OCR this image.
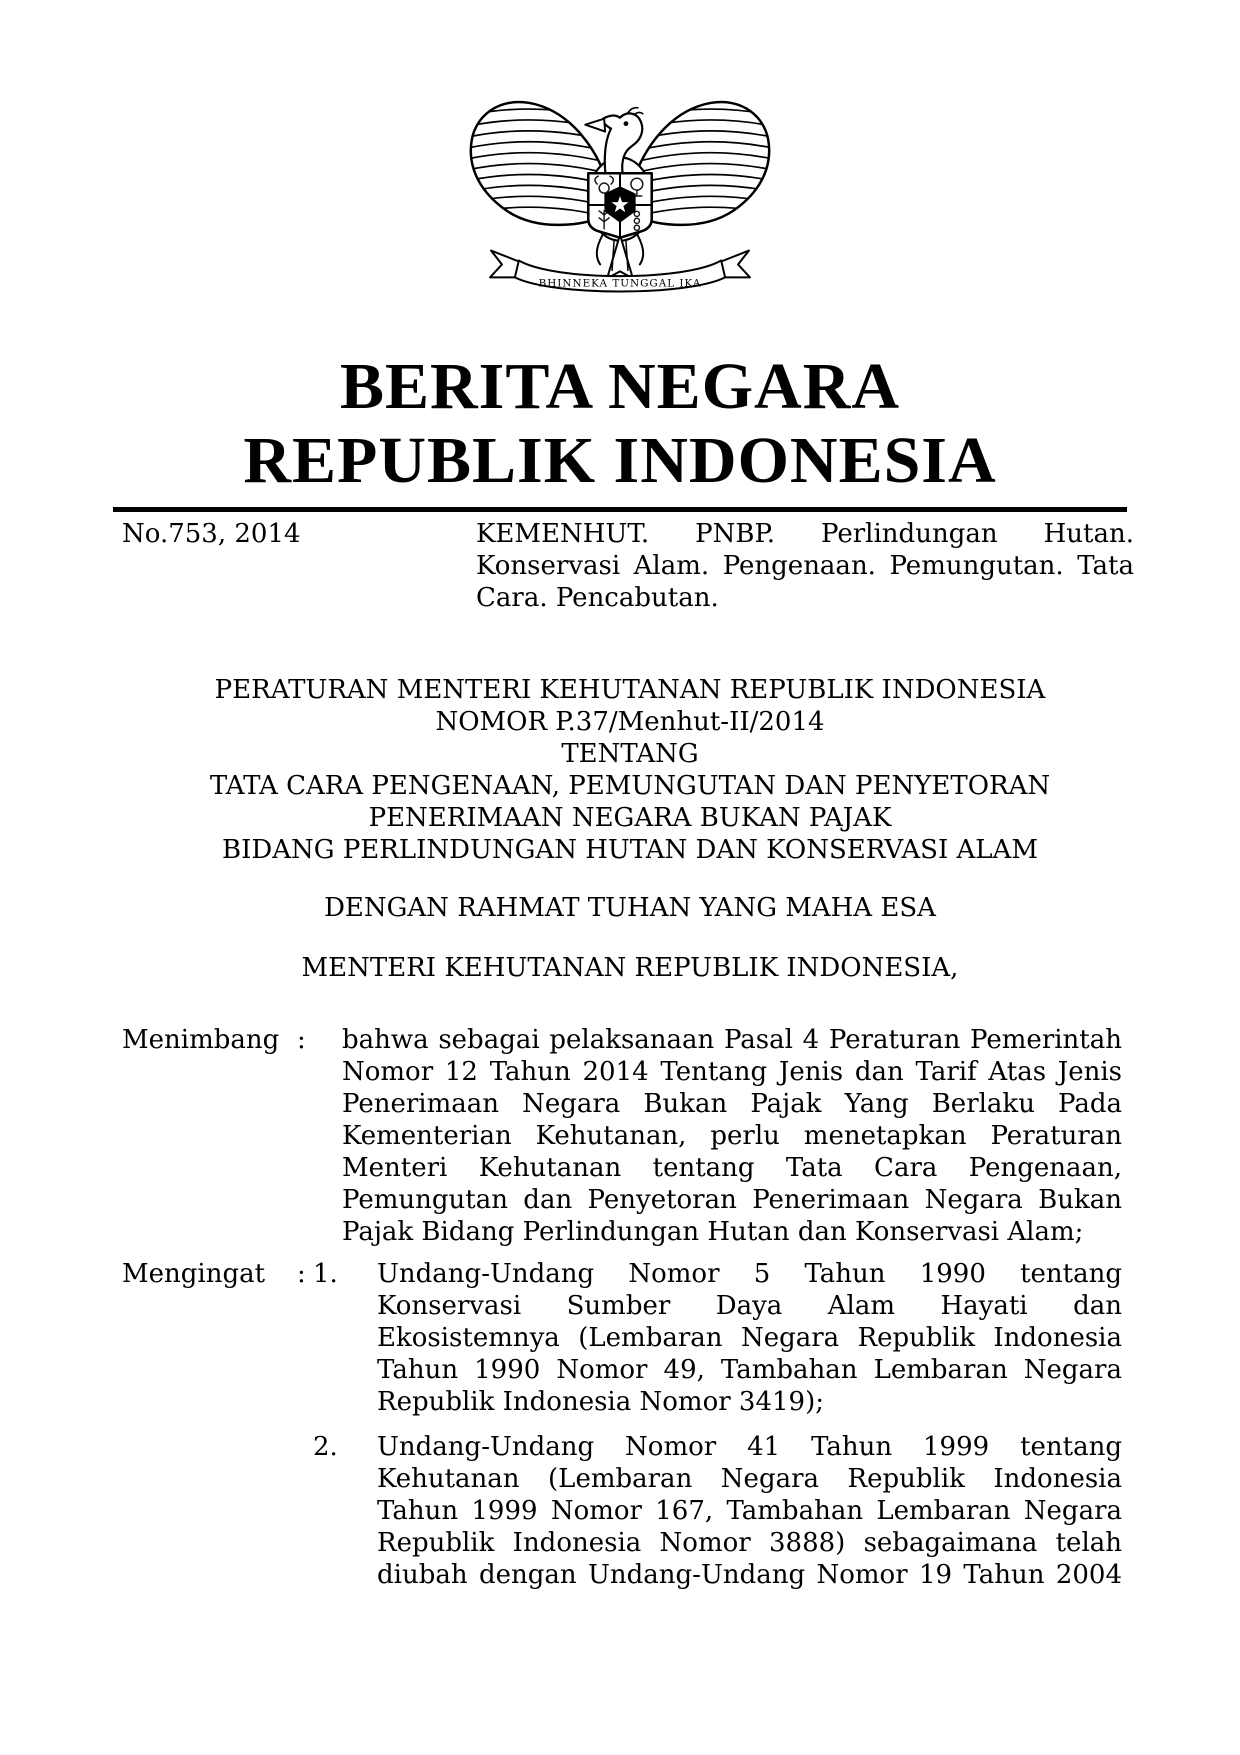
BHINNEKA TUNGGAL IKA
BERITA NEGARA
REPUBLIK INDONESIA
No.753, 2014	KEMENHUT. PNBP. Perlindungan Hutan. Konservasi Alam. Pengenaan. Pemungutan. Tata Cara. Pencabutan.
PERATURAN MENTERI KEHUTANAN REPUBLIK INDONESIA
NOMOR P.37/Menhut-II/2014
TENTANG
TATA CARA PENGENAAN, PEMUNGUTAN DAN PENYETORAN
PENERIMAAN NEGARA BUKAN PAJAK
BIDANG PERLINDUNGAN HUTAN DAN KONSERVASI ALAM
DENGAN RAHMAT TUHAN YANG MAHA ESA
MENTERI KEHUTANAN REPUBLIK INDONESIA,
Menimbang :	bahwa sebagai pelaksanaan Pasal 4 Peraturan Pemerintah Nomor 12 Tahun 2014 Tentang Jenis dan Tarif Atas Jenis Penerimaan Negara Bukan Pajak Yang Berlaku Pada Kementerian Kehutanan, perlu menetapkan Peraturan Menteri Kehutanan tentang Tata Cara Pengenaan, Pemungutan dan Penyetoran Penerimaan Negara Bukan Pajak Bidang Perlindungan Hutan dan Konservasi Alam;
Mengingat	: 1.	Undang-Undang Nomor 5 Tahun 1990 tentang Konservasi Sumber Daya Alam Hayati dan Ekosistemnya (Lembaran Negara Republik Indonesia Tahun 1990 Nomor 49, Tambahan Lembaran Negara Republik Indonesia Nomor 3419);
2.	Undang-Undang Nomor 41 Tahun 1999 tentang Kehutanan (Lembaran Negara Republik Indonesia Tahun 1999 Nomor 167, Tambahan Lembaran Negara Republik Indonesia Nomor 3888) sebagaimana telah diubah dengan Undang-Undang Nomor 19 Tahun 2004
